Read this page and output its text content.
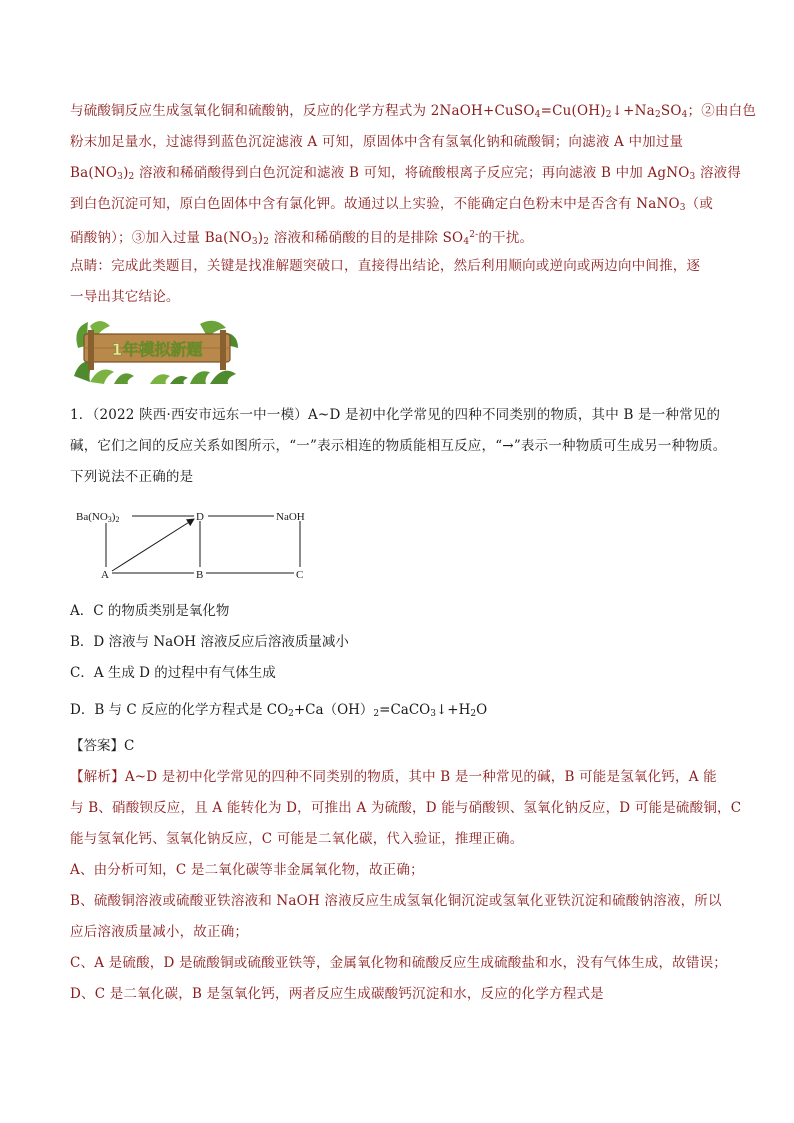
与硫酸铜反应生成氢氧化铜和硫酸钠，反应的化学方程式为 $2NaOH+CuSO_4=Cu(OH)_2↓+Na_2SO_4$；②由白色
粉末加足量水，过滤得到蓝色沉淀滤液 A 可知，原固体中含有氢氧化钠和硫酸铜；向滤液 A 中加过量
$Ba(NO_3)_2$ 溶液和稀硝酸得到白色沉淀和滤液 B 可知，将硫酸根离子反应完；再向滤液 B 中加 AgNO$_3$ 溶液得
到白色沉淀可知，原白色固体中含有氯化钾。故通过以上实验，不能确定白色粉末中是否含有 NaNO$_3$（或
硝酸钠）；③加入过量 $Ba(NO_3)_2$ 溶液和稀硝酸的目的是排除 $SO_4^{2-}$的干扰。
点睛：完成此类题目，关键是找准解题突破口，直接得出结论，然后利用顺向或逆向或两边向中间推，逐
一导出其它结论。
1年模拟新题
1．（2022 陕西·西安市远东一中一模）A~D 是初中化学常见的四种不同类别的物质，其中 B 是一种常见的
碱，它们之间的反应关系如图所示，“一”表示相连的物质能相互反应，“→”表示一种物质可生成另一种物质。
下列说法不正确的是
Ba(NO3)2	D	NaOH
A	B	C
A．C 的物质类别是氧化物
B．D 溶液与 NaOH 溶液反应后溶液质量减小
C．A 生成 D 的过程中有气体生成
D．B 与 C 反应的化学方程式是 $CO_2+Ca(OH)_2=CaCO_3↓+H_2O$
【答案】C
【解析】A~D 是初中化学常见的四种不同类别的物质，其中 B 是一种常见的碱，B 可能是氢氧化钙，A 能
与 B、硝酸钡反应，且 A 能转化为 D，可推出 A 为硫酸，D 能与硝酸钡、氢氧化钠反应，D 可能是硫酸铜，C
能与氢氧化钙、氢氧化钠反应，C 可能是二氧化碳，代入验证，推理正确。
A、由分析可知，C 是二氧化碳等非金属氧化物，故正确；
B、硫酸铜溶液或硫酸亚铁溶液和 NaOH 溶液反应生成氢氧化铜沉淀或氢氧化亚铁沉淀和硫酸钠溶液，所以
应后溶液质量减小，故正确；
C、A 是硫酸，D 是硫酸铜或硫酸亚铁等，金属氧化物和硫酸反应生成硫酸盐和水，没有气体生成，故错误；
D、C 是二氧化碳，B 是氢氧化钙，两者反应生成碳酸钙沉淀和水，反应的化学方程式是
